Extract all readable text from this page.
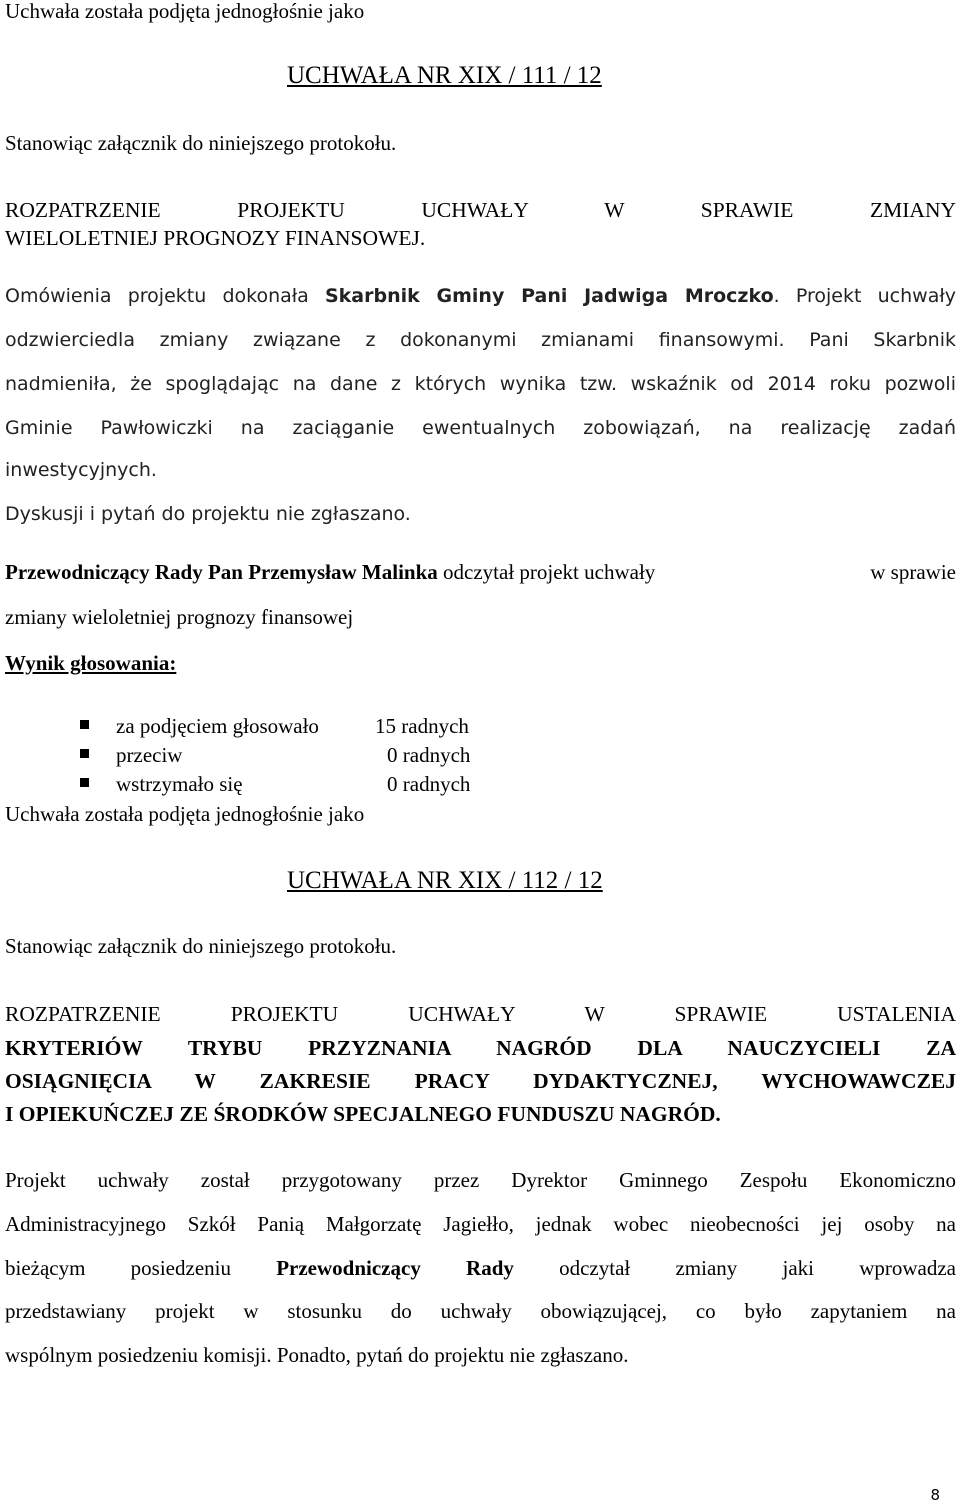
Uchwała została podjęta jednogłośnie jako
UCHWAŁA NR XIX / 111 / 12
Stanowiąc załącznik do niniejszego protokołu.
ROZPATRZENIE PROJEKTU UCHWAŁY W SPRAWIE ZMIANY
WIELOLETNIEJ PROGNOZY FINANSOWEJ.
Omówienia projektu dokonała Skarbnik Gminy Pani Jadwiga Mroczko. Projekt uchwały
odzwierciedla zmiany związane z dokonanymi zmianami finansowymi. Pani Skarbnik
nadmieniła, że spoglądając na dane z których wynika tzw. wskaźnik od 2014 roku pozwoli
Gminie Pawłowiczki na zaciąganie ewentualnych zobowiązań, na realizację zadań
inwestycyjnych.
Dyskusji i pytań do projektu nie zgłaszano.
Przewodniczący Rady Pan Przemysław Malinka odczytał projekt uchwały	w sprawie
zmiany wieloletniej prognozy finansowej
Wynik głosowania:
za podjęciem głosowało	15 radnych
przeciw	0 radnych
wstrzymało się	0 radnych
Uchwała została podjęta jednogłośnie jako
UCHWAŁA NR XIX / 112 / 12
Stanowiąc załącznik do niniejszego protokołu.
ROZPATRZENIE PROJEKTU UCHWAŁY W SPRAWIE USTALENIA
KRYTERIÓW TRYBU PRZYZNANIA NAGRÓD DLA NAUCZYCIELI ZA
OSIĄGNIĘCIA W ZAKRESIE PRACY DYDAKTYCZNEJ, WYCHOWAWCZEJ
I OPIEKUŃCZEJ ZE ŚRODKÓW SPECJALNEGO FUNDUSZU NAGRÓD.
Projekt uchwały został przygotowany przez Dyrektor Gminnego Zespołu Ekonomiczno
Administracyjnego Szkół Panią Małgorzatę Jagiełło, jednak wobec nieobecności jej osoby na
bieżącym posiedzeniu Przewodniczący Rady odczytał zmiany jaki wprowadza
przedstawiany projekt w stosunku do uchwały obowiązującej, co było zapytaniem na
wspólnym posiedzeniu komisji. Ponadto, pytań do projektu nie zgłaszano.
8
